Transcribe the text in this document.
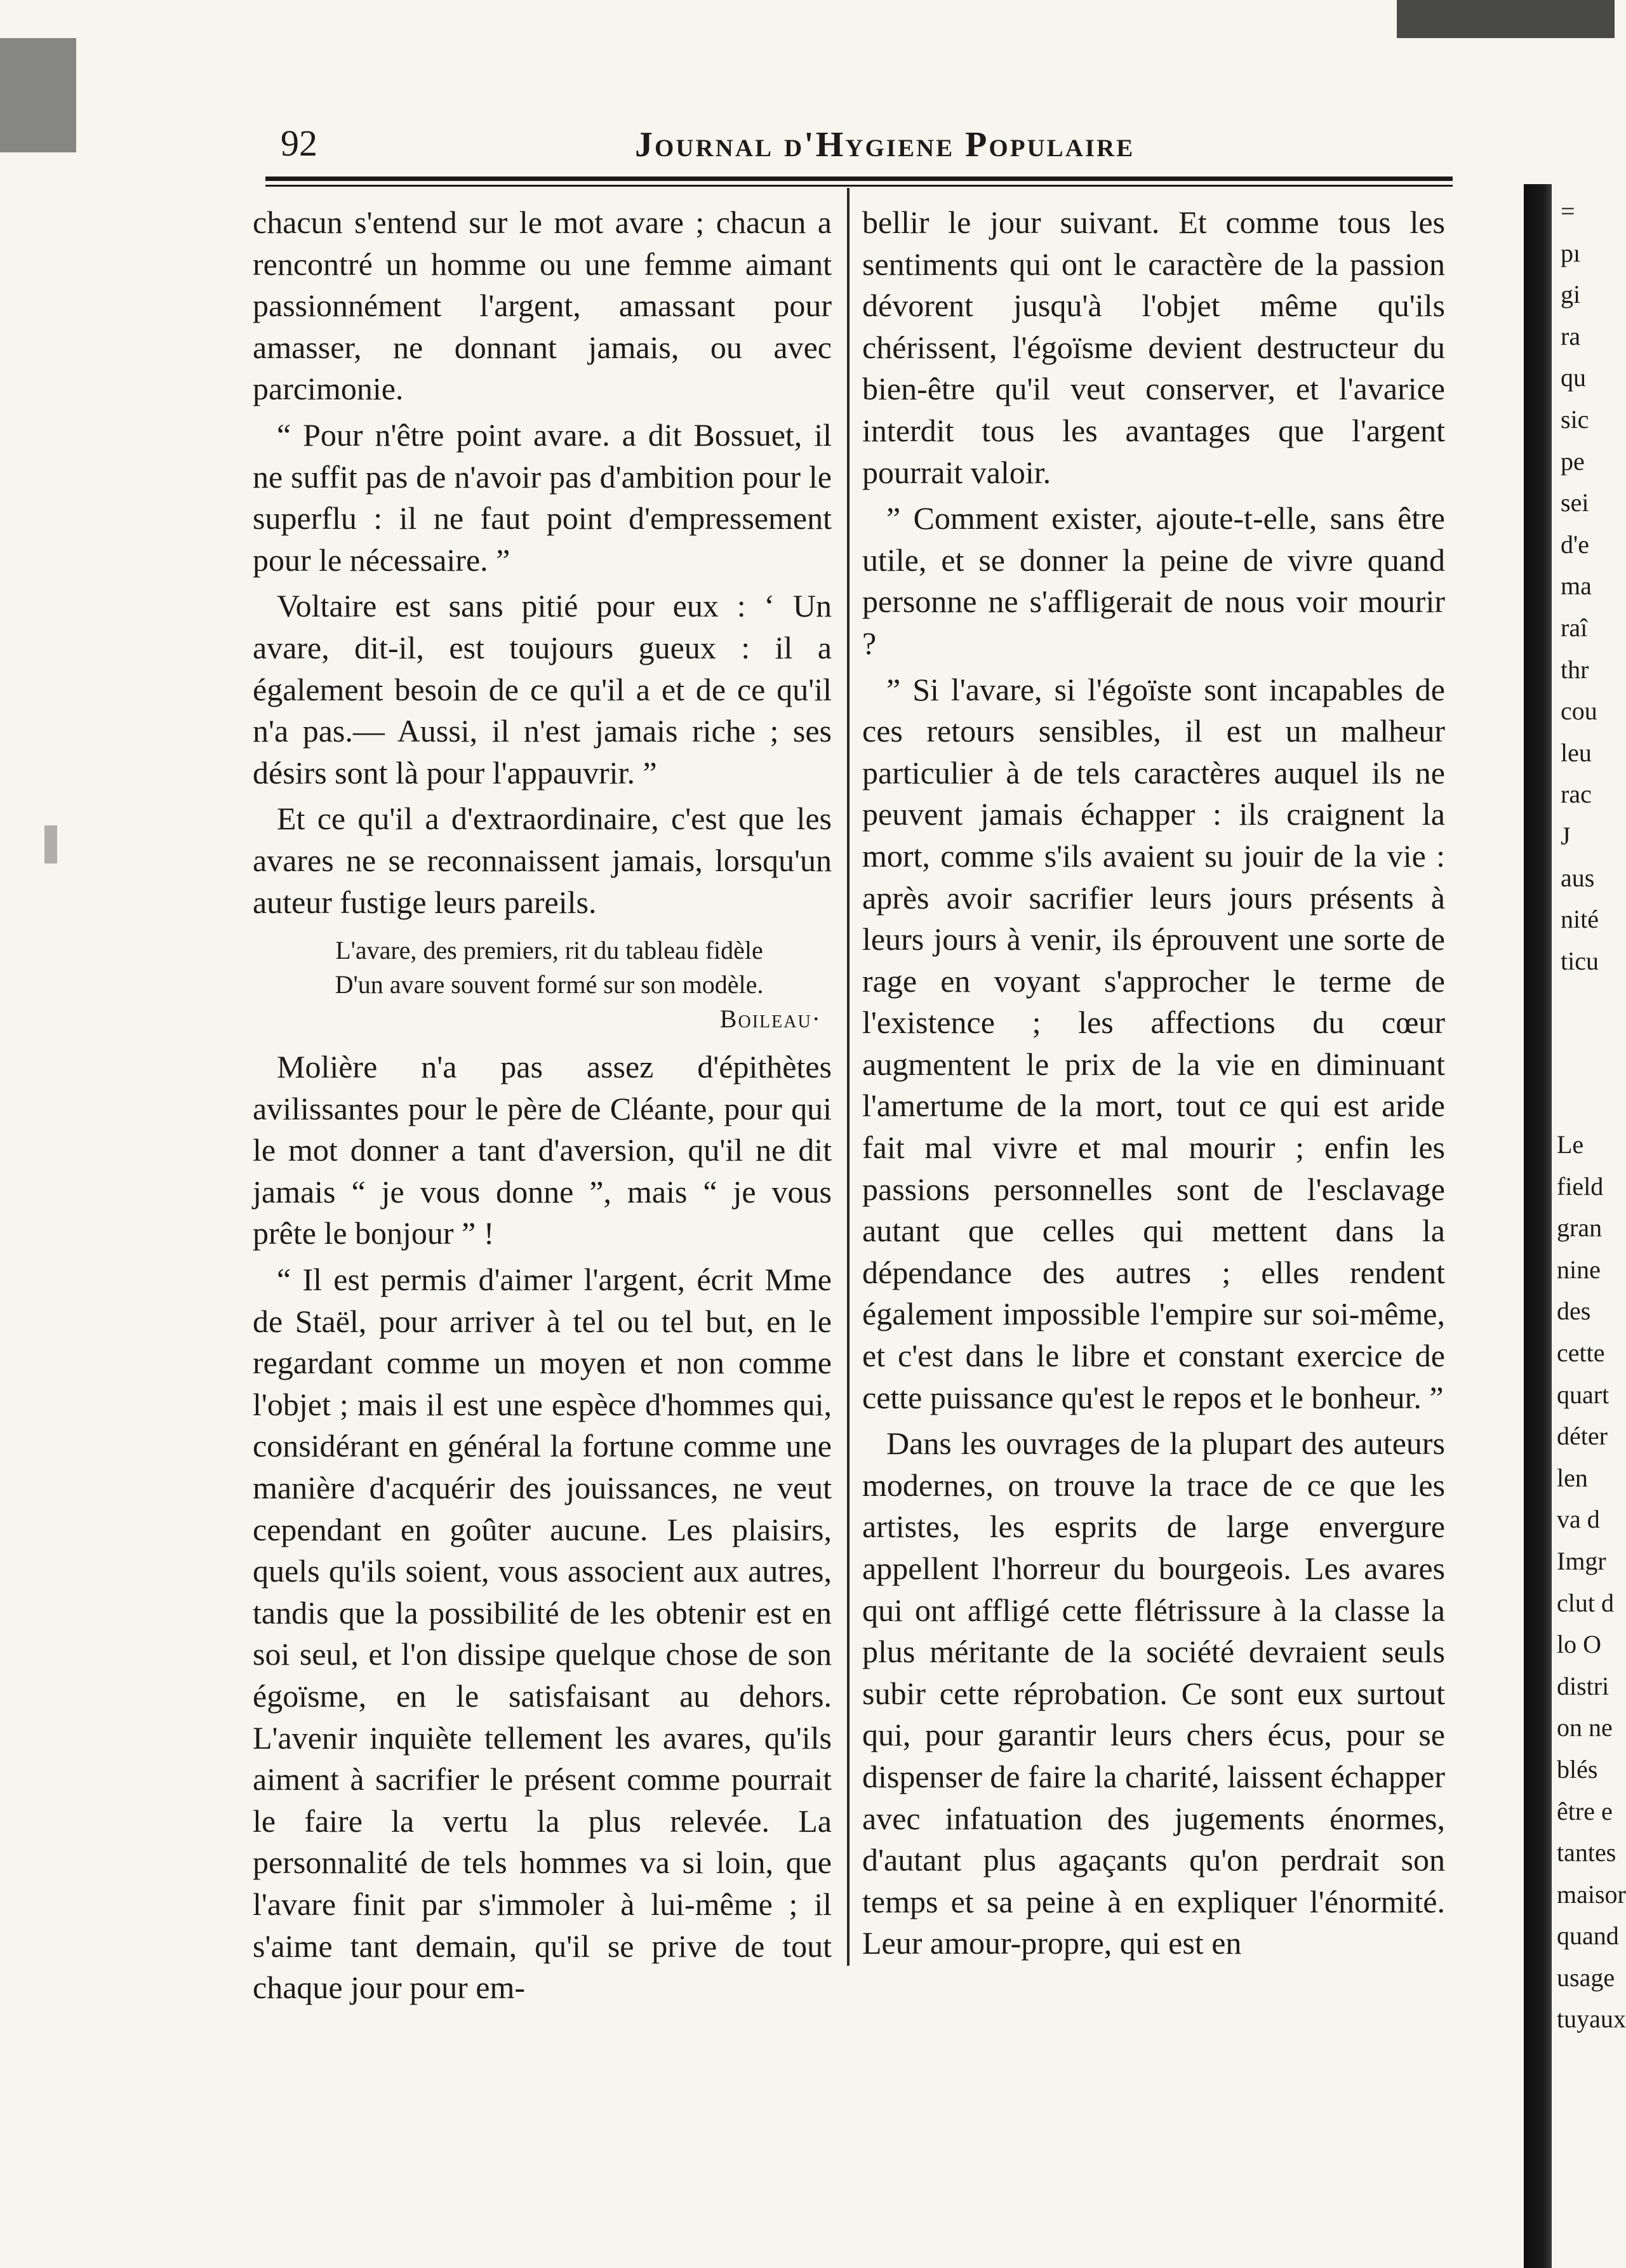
92	Journal d'Hygiene Populaire

chacun s'entend sur le mot avare ; chacun a rencontré un homme ou une femme aimant passionnément l'argent, amassant pour amasser, ne donnant jamais, ou avec parcimonie.

“ Pour n'être point avare. a dit Bossuet, il ne suffit pas de n'avoir pas d'ambition pour le superflu : il ne faut point d'empressement pour le nécessaire. ”

Voltaire est sans pitié pour eux : ‘ Un avare, dit-il, est toujours gueux : il a également besoin de ce qu'il a et de ce qu'il n'a pas.— Aussi, il n'est jamais riche ; ses désirs sont là pour l'appauvrir. ”

Et ce qu'il a d'extraordinaire, c'est que les avares ne se reconnaissent jamais, lorsqu'un auteur fustige leurs pareils.

L'avare, des premiers, rit du tableau fidèle
D'un avare souvent formé sur son modèle.
Boileau·

Molière n'a pas assez d'épithètes avilissantes pour le père de Cléante, pour qui le mot donner a tant d'aversion, qu'il ne dit jamais “ je vous donne ”, mais “ je vous prête le bonjour ” !

“ Il est permis d'aimer l'argent, écrit Mme de Staël, pour arriver à tel ou tel but, en le regardant comme un moyen et non comme l'objet ; mais il est une espèce d'hommes qui, considérant en général la fortune comme une manière d'acquérir des jouissances, ne veut cependant en goûter aucune. Les plaisirs, quels qu'ils soient, vous associent aux autres, tandis que la possibilité de les obtenir est en soi seul, et l'on dissipe quelque chose de son égoïsme, en le satisfaisant au dehors. L'avenir inquiète tellement les avares, qu'ils aiment à sacrifier le présent comme pourrait le faire la vertu la plus relevée. La personnalité de tels hommes va si loin, que l'avare finit par s'immoler à lui-même ; il s'aime tant demain, qu'il se prive de tout chaque jour pour em-

bellir le jour suivant. Et comme tous les sentiments qui ont le caractère de la passion dévorent jusqu'à l'objet même qu'ils chérissent, l'égoïsme devient destructeur du bien-être qu'il veut conserver, et l'avarice interdit tous les avantages que l'argent pourrait valoir.

” Comment exister, ajoute-t-elle, sans être utile, et se donner la peine de vivre quand personne ne s'affligerait de nous voir mourir ?

” Si l'avare, si l'égoïste sont incapables de ces retours sensibles, il est un malheur particulier à de tels caractères auquel ils ne peuvent jamais échapper : ils craignent la mort, comme s'ils avaient su jouir de la vie : après avoir sacrifier leurs jours présents à leurs jours à venir, ils éprouvent une sorte de rage en voyant s'approcher le terme de l'existence ; les affections du cœur augmentent le prix de la vie en diminuant l'amertume de la mort, tout ce qui est aride fait mal vivre et mal mourir ; enfin les passions personnelles sont de l'esclavage autant que celles qui mettent dans la dépendance des autres ; elles rendent également impossible l'empire sur soi-même, et c'est dans le libre et constant exercice de cette puissance qu'est le repos et le bonheur. ”

Dans les ouvrages de la plupart des auteurs modernes, on trouve la trace de ce que les artistes, les esprits de large envergure appellent l'horreur du bourgeois. Les avares qui ont affligé cette flétrissure à la classe la plus méritante de la société devraient seuls subir cette réprobation. Ce sont eux surtout qui, pour garantir leurs chers écus, pour se dispenser de faire la charité, laissent échapper avec infatuation des jugements énormes, d'autant plus agaçants qu'on perdrait son temps et sa peine à en expliquer l'énormité. Leur amour-propre, qui est en

=
pı
gi
ra
qu
sic
pe
sei
d'e
ma
raî
thr
cou
leu
rac
J
aus
nité
ticu
Le
field
gran
nine
des
cette
quart
déter
len
va d
Imgr
clut d
lo O
distri
on ne
blés
être e
tantes
maisor
quand
usage
tuyaux
